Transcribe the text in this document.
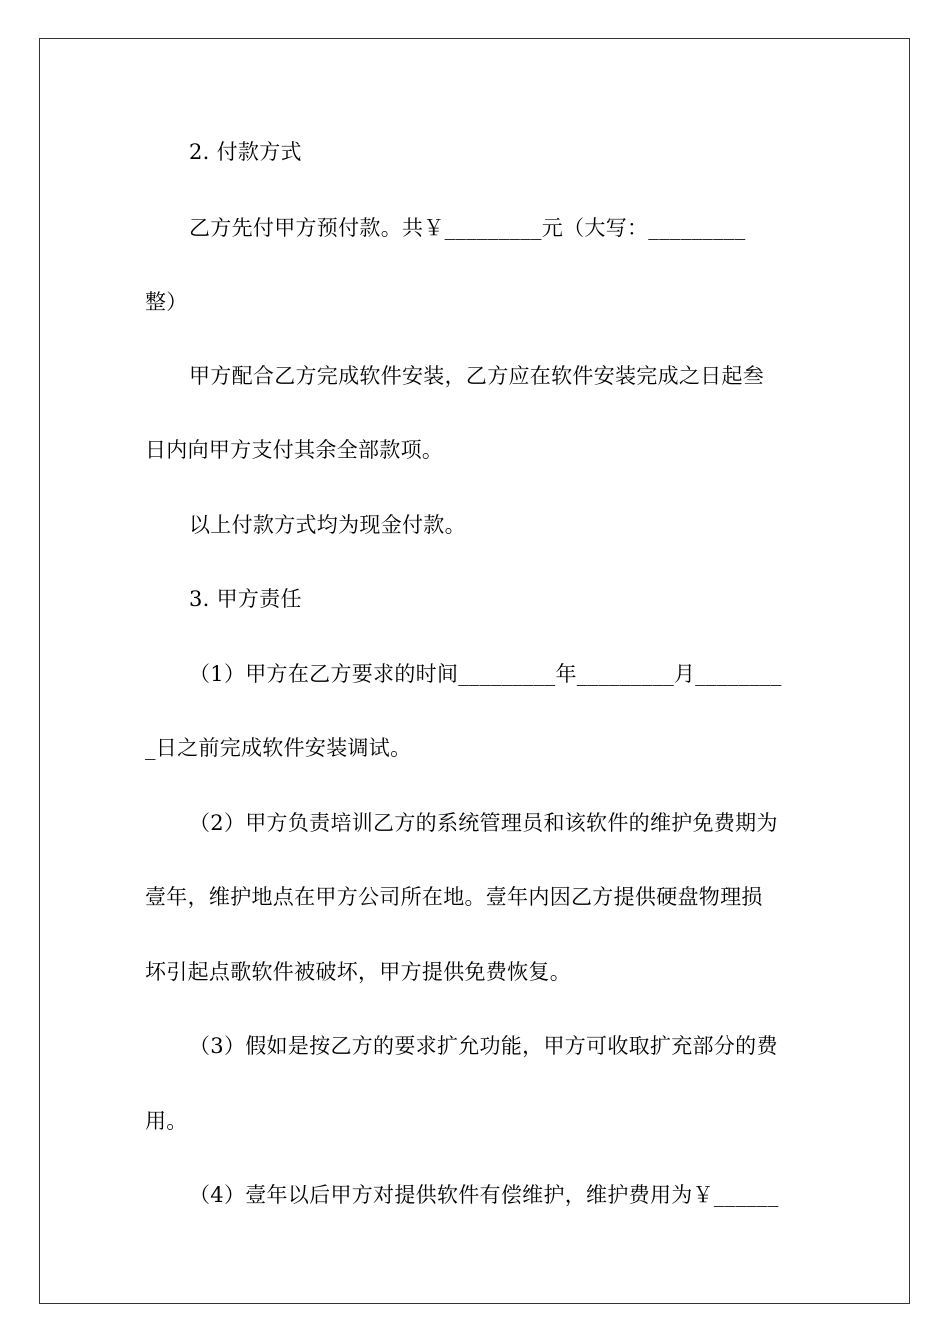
2. 付款方式
乙方先付甲方预付款。共￥_________元（大写：_________
整）
甲方配合乙方完成软件安装，乙方应在软件安装完成之日起叁
日内向甲方支付其余全部款项。
以上付款方式均为现金付款。
3. 甲方责任
（1）甲方在乙方要求的时间_________年_________月________
_日之前完成软件安装调试。
（2）甲方负责培训乙方的系统管理员和该软件的维护免费期为
壹年，维护地点在甲方公司所在地。壹年内因乙方提供硬盘物理损
坏引起点歌软件被破坏，甲方提供免费恢复。
（3）假如是按乙方的要求扩允功能，甲方可收取扩充部分的费
用。
（4）壹年以后甲方对提供软件有偿维护，维护费用为￥______
